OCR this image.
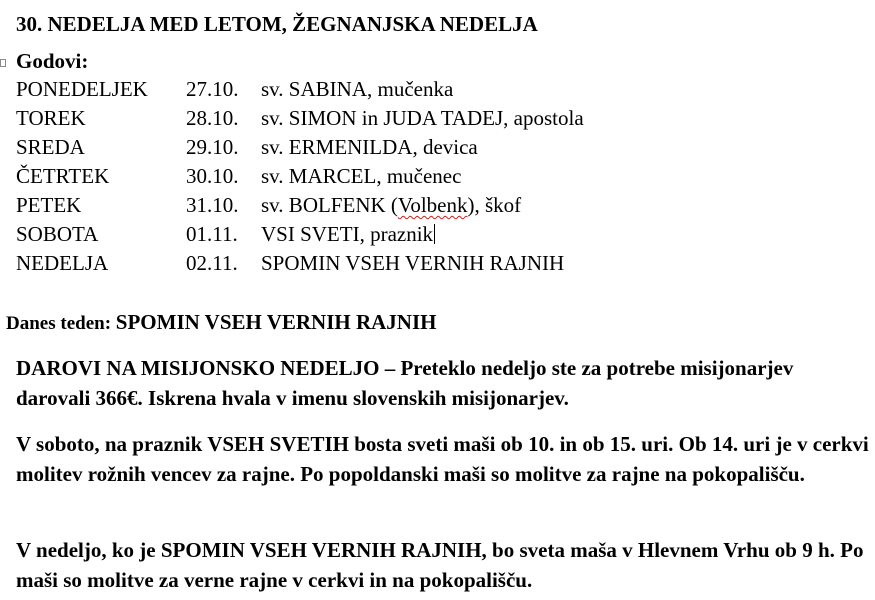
30. NEDELJA MED LETOM, ŽEGNANJSKA NEDELJA
Godovi:
PONEDELJEK 27.10. sv. SABINA, mučenka
TOREK	28.10. sv. SIMON in JUDA TADEJ, apostola
SREDA	29.10. sv. ERMENILDA, devica
ČETRTEK	30.10. sv. MARCEL, mučenec
PETEK	31.10. sv. BOLFENK (Volbenk), škof
SOBOTA	01.11. VSI SVETI, praznik
NEDELJA	02.11. SPOMIN VSEH VERNIH RAJNIH
Danes teden: SPOMIN VSEH VERNIH RAJNIH

DAROVI NA MISIJONSKO NEDELJO – Preteklo nedeljo ste za potrebe misijonarjev darovali 366€. Iskrena hvala v imenu slovenskih misijonarjev.

V soboto, na praznik VSEH SVETIH bosta sveti maši ob 10. in ob 15. uri. Ob 14. uri je v cerkvi molitev rožnih vencev za rajne. Po popoldanski maši so molitve za rajne na pokopališču.

V nedeljo, ko je SPOMIN VSEH VERNIH RAJNIH, bo sveta maša v Hlevnem Vrhu ob 9 h. Po maši so molitve za verne rajne v cerkvi in na pokopališču.
